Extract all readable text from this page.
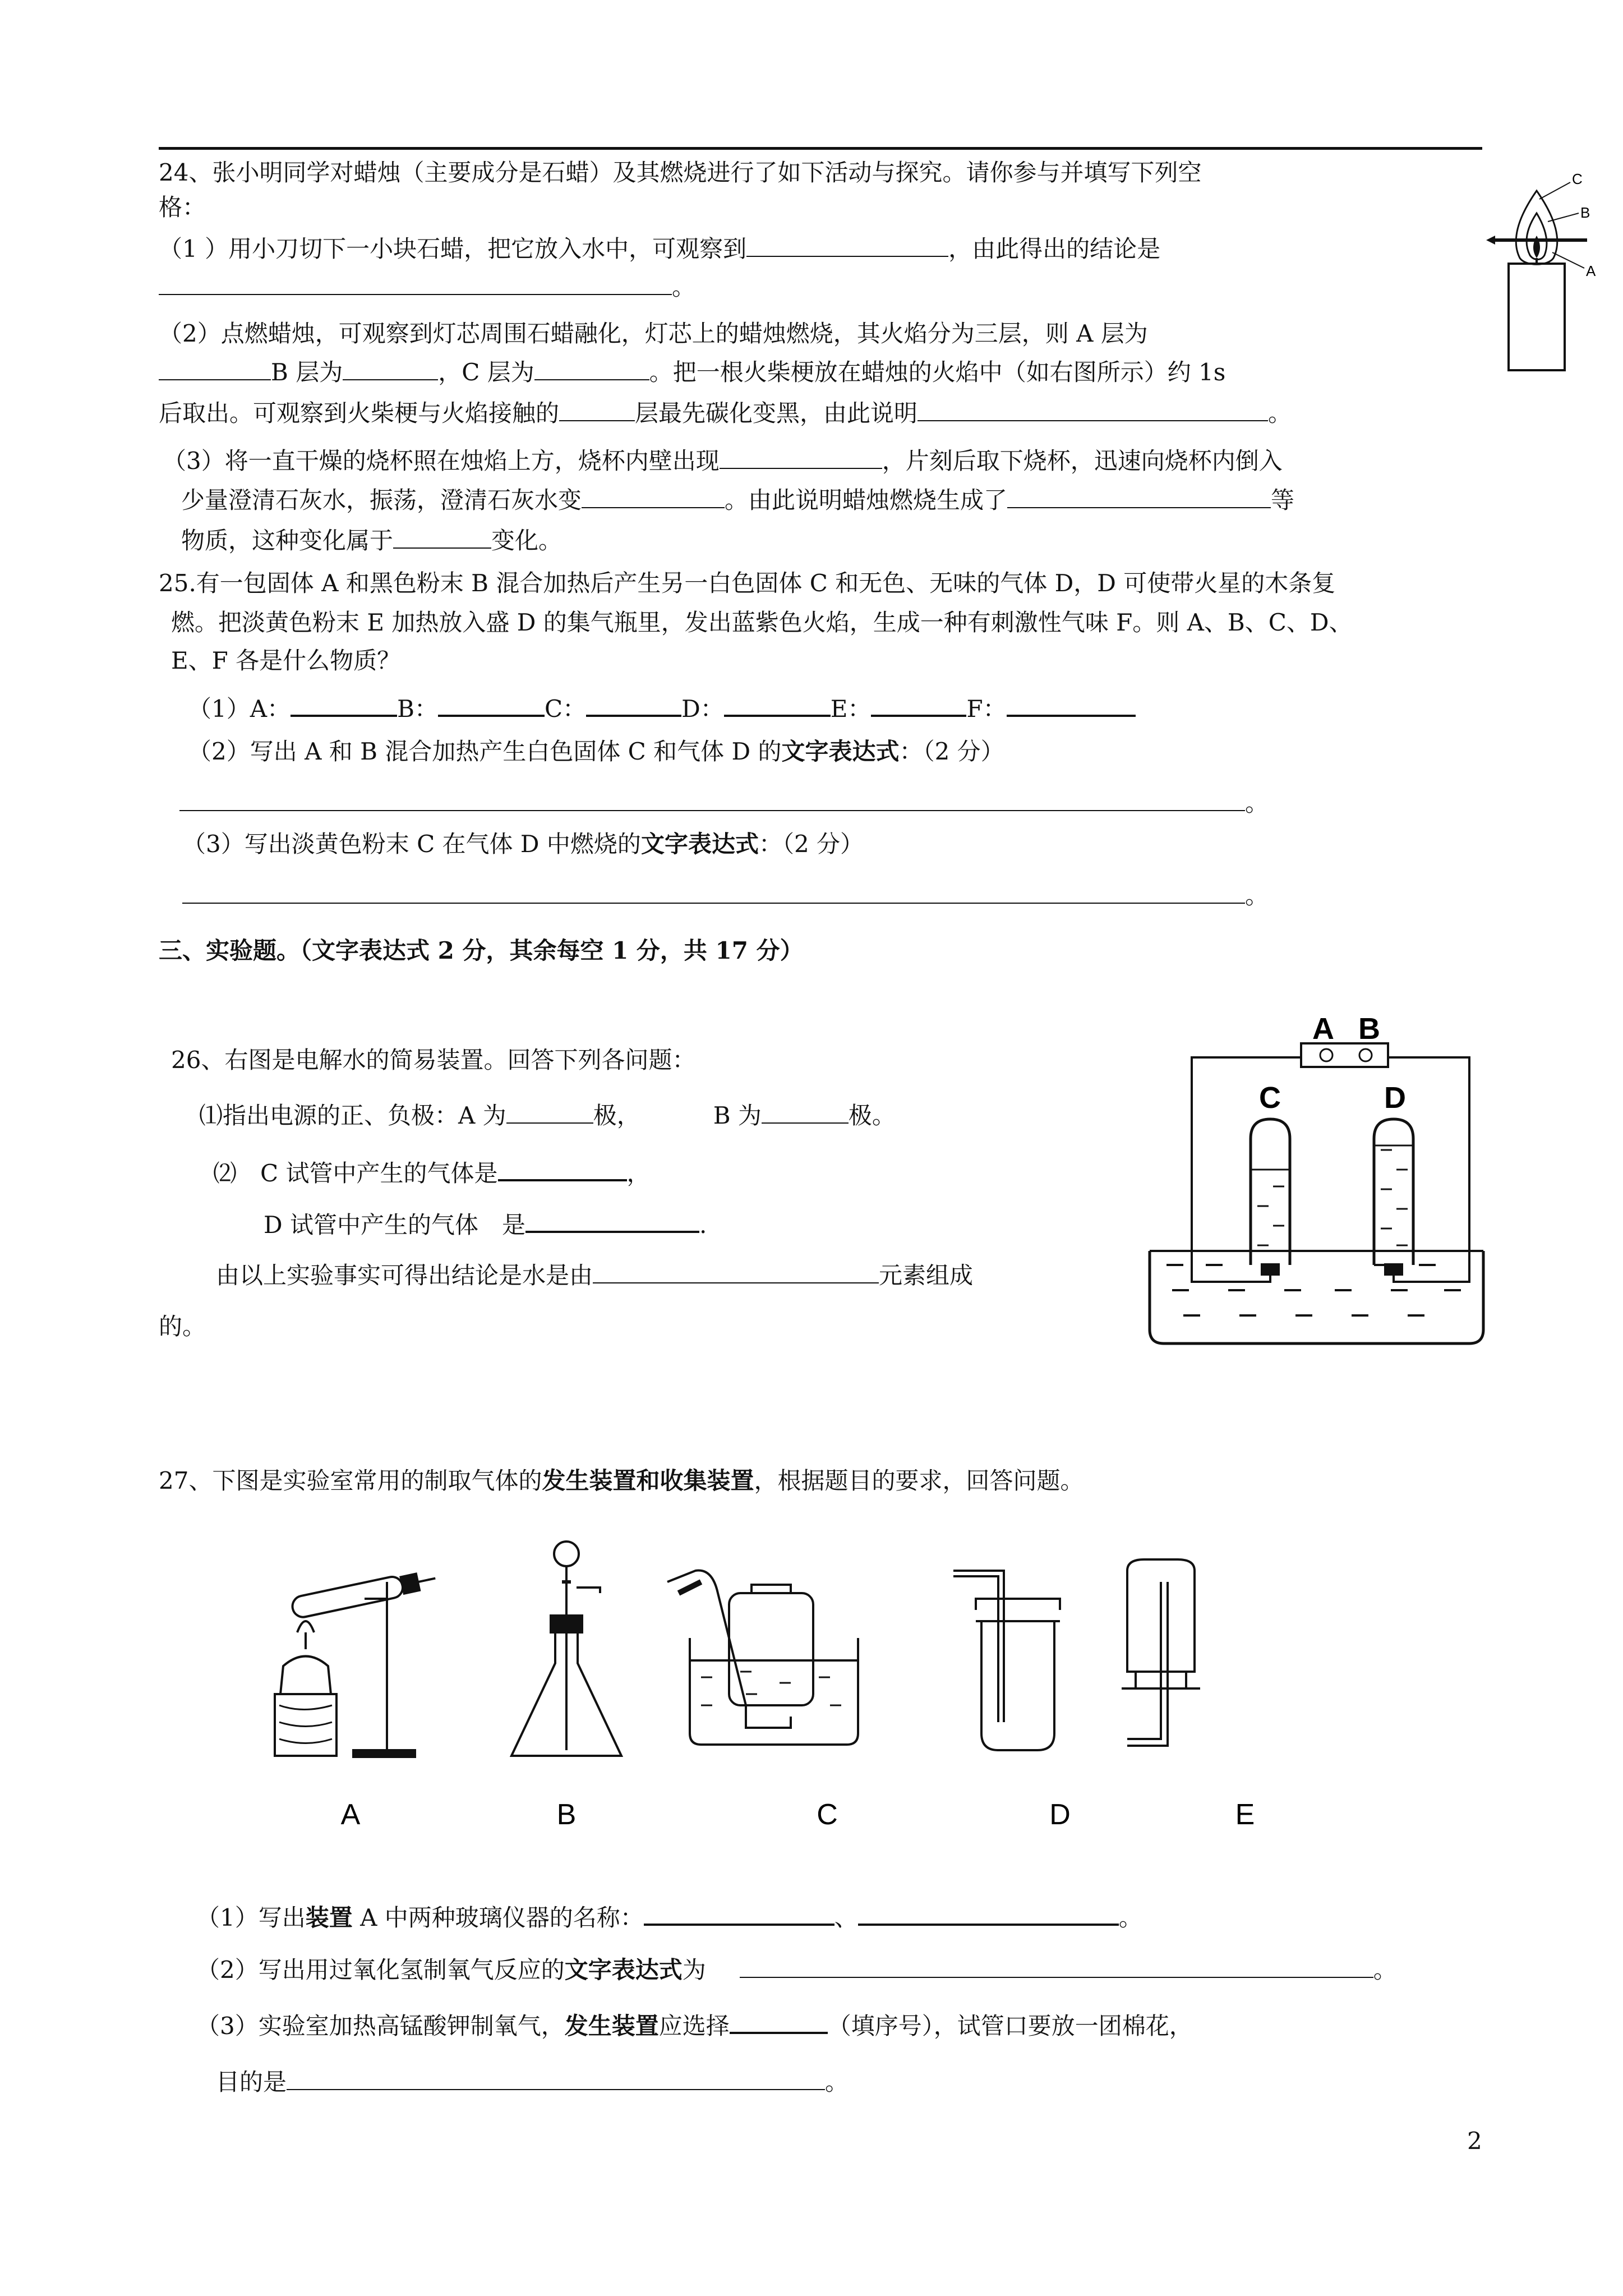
24、张小明同学对蜡烛（主要成分是石蜡）及其燃烧进行了如下活动与探究。请你参与并填写下列空
格：
（1 ）用小刀切下一小块石蜡，把它放入水中，可观察到	，由此得出的结论是
。
（2）点燃蜡烛，可观察到灯芯周围石蜡融化，灯芯上的蜡烛燃烧，其火焰分为三层，则 A 层为
B 层为	，C 层为	。把一根火柴梗放在蜡烛的火焰中（如右图所示）约 1s
后取出。可观察到火柴梗与火焰接触的	层最先碳化变黑，由此说明	。
（3）将一直干燥的烧杯照在烛焰上方，烧杯内壁出现	，片刻后取下烧杯，迅速向烧杯内倒入
少量澄清石灰水，振荡，澄清石灰水变	。由此说明蜡烛燃烧生成了	等
物质，这种变化属于	变化。
C
B
A
25.有一包固体 A 和黑色粉末 B 混合加热后产生另一白色固体 C 和无色、无味的气体 D，D 可使带火星的木条复
燃。把淡黄色粉末 E 加热放入盛 D 的集气瓶里，发出蓝紫色火焰，生成一种有刺激性气味 F。则 A、B、C、D、
E、F 各是什么物质？
（1）A：	B：	C：	D：	E：	F：
（2）写出 A 和 B 混合加热产生白色固体 C 和气体 D 的文字表达式：（2 分）
。
（3）写出淡黄色粉末 C 在气体 D 中燃烧的文字表达式：（2 分）
。
三、实验题。（文字表达式 2 分，其余每空 1 分，共 17 分）
26、右图是电解水的简易装置。回答下列各问题：
⑴指出电源的正、负极：A 为	极，	B 为	极。
⑵　C 试管中产生的气体是	，
D 试管中产生的气体　是	.
由以上实验事实可得出结论是水是由	元素组成
的。
A B
C	D
27、下图是实验室常用的制取气体的发生装置和收集装置，根据题目的要求，回答问题。
A	B	C	D	E
（1）写出装置 A 中两种玻璃仪器的名称：	、	。
（2）写出用过氧化氢制氧气反应的文字表达式为	。
（3）实验室加热高锰酸钾制氧气，发生装置应选择	（填序号），试管口要放一团棉花，
目的是	。
2
